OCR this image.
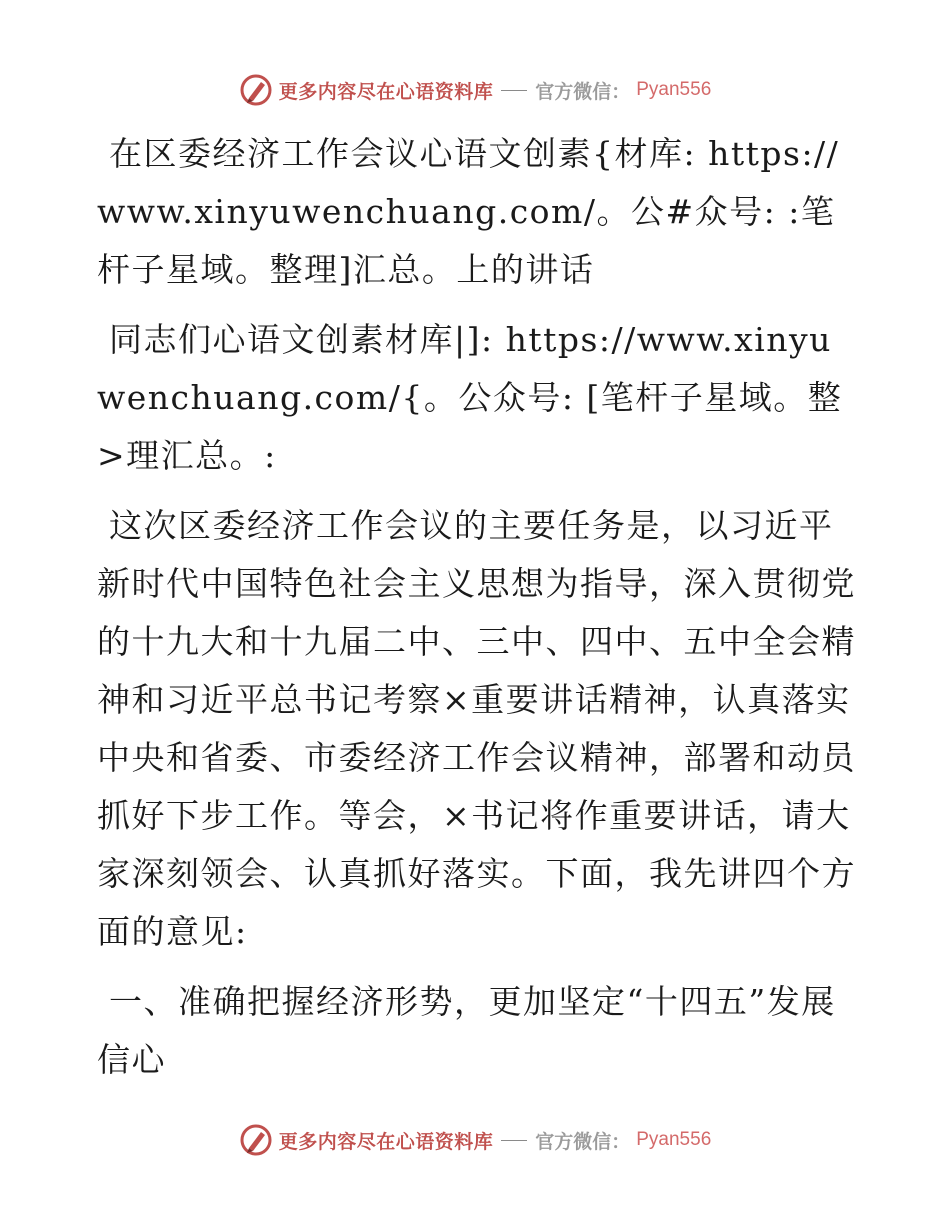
更多内容尽在心语资料库 官方微信： Pyan556

在区委经济工作会议心语文创素{材库: https://www.xinyuwenchuang.com/。公#众号: :笔杆子星域。整理]汇总。上的讲话

同志们心语文创素材库|]: https://www.xinyuwenchuang.com/{。公众号: [笔杆子星域。整>理汇总。:

这次区委经济工作会议的主要任务是，以习近平新时代中国特色社会主义思想为指导，深入贯彻党的十九大和十九届二中、三中、四中、五中全会精神和习近平总书记考察×重要讲话精神，认真落实中央和省委、市委经济工作会议精神，部署和动员抓好下步工作。等会，×书记将作重要讲话，请大家深刻领会、认真抓好落实。下面，我先讲四个方面的意见:

一、准确把握经济形势，更加坚定“十四五”发展信心

更多内容尽在心语资料库 官方微信： Pyan556
